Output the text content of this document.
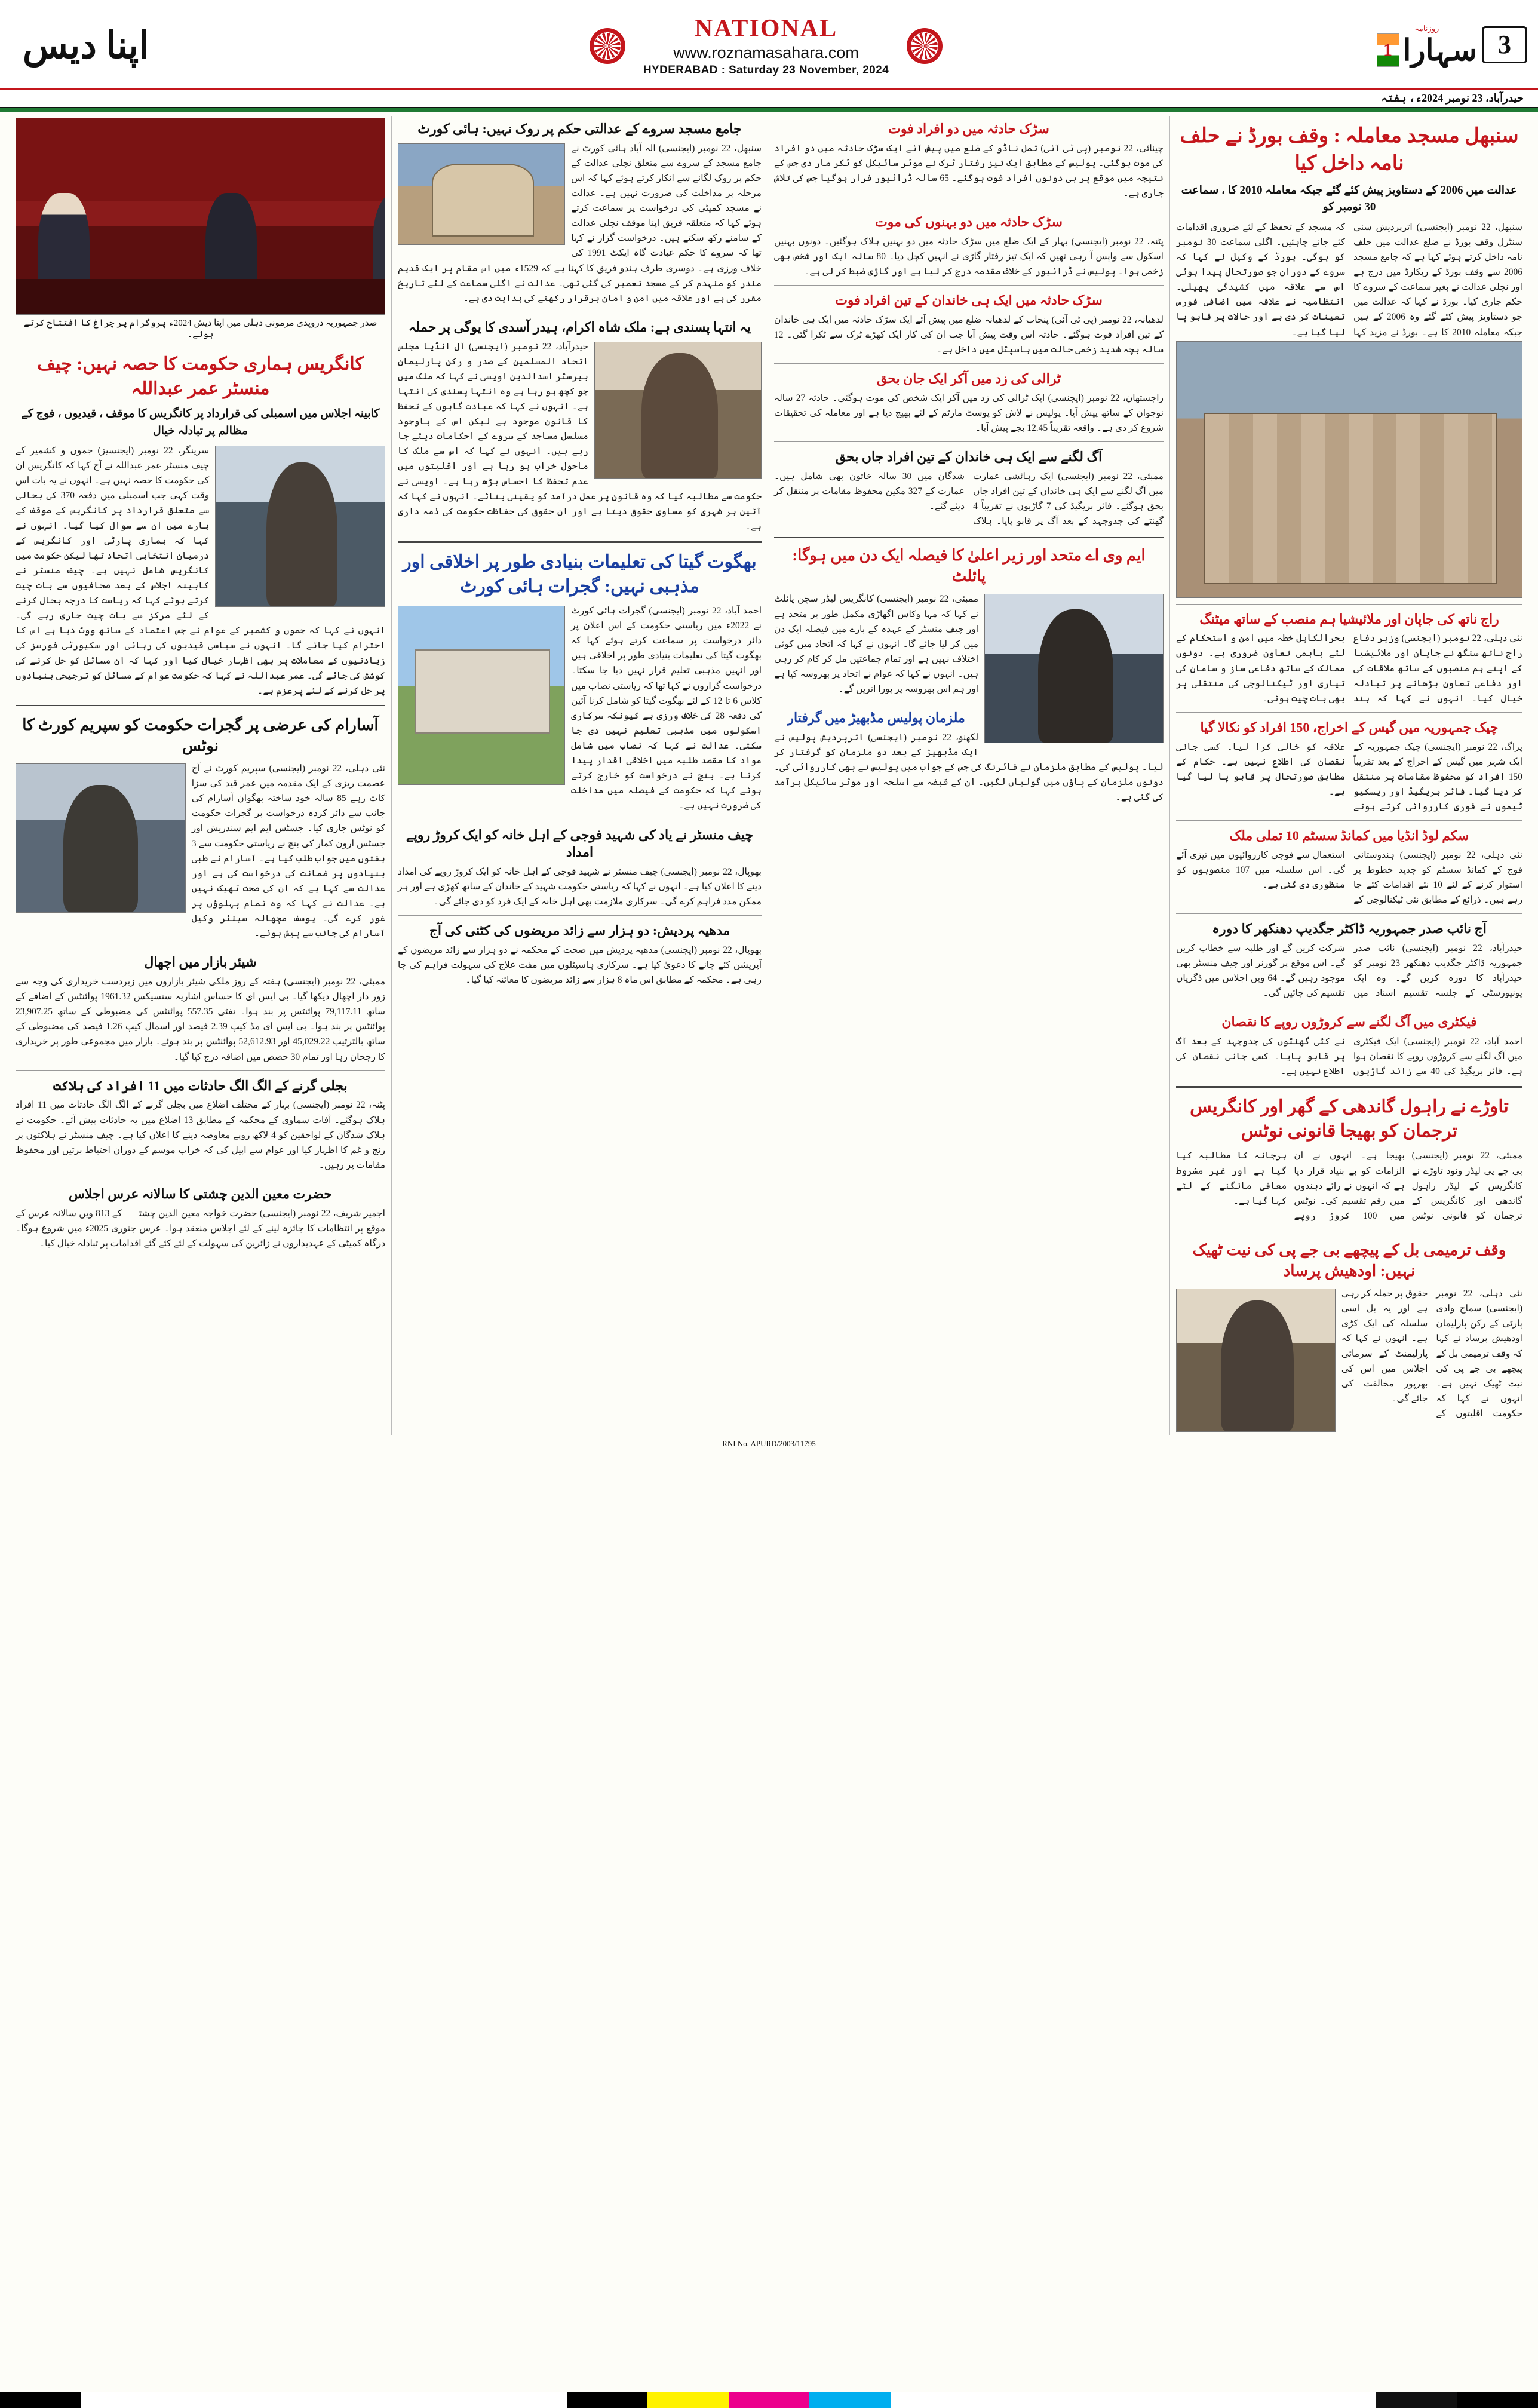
3
روزنامہ
سہارا
1
NATIONAL
www.roznamasahara.com
HYDERABAD : Saturday 23 November, 2024
اپنا دیس
حیدرآباد، 23 نومبر 2024ء، ہفتہ
سنبھل مسجد معاملہ : وقف بورڈ نے حلف نامہ داخل کیا
عدالت میں 2006 کے دستاویز پیش کئے گئے جبکہ معاملہ 2010 کا ، سماعت 30 نومبر کو
سنبھل، 22 نومبر (ایجنسی) اترپردیش سنی سنٹرل وقف بورڈ نے ضلع عدالت میں حلف نامہ داخل کرتے ہوئے کہا ہے کہ جامع مسجد 2006 سے وقف بورڈ کے ریکارڈ میں درج ہے اور نچلی عدالت نے بغیر سماعت کے سروے کا حکم جاری کیا۔ بورڈ نے کہا کہ عدالت میں جو دستاویز پیش کئے گئے وہ 2006 کے ہیں جبکہ معاملہ 2010 کا ہے۔ بورڈ نے مزید کہا کہ مسجد کے تحفظ کے لئے ضروری اقدامات کئے جانے چاہئیں۔ اگلی سماعت 30 نومبر کو ہوگی۔ بورڈ کے وکیل نے کہا کہ سروے کے دوران جو صورتحال پیدا ہوئی اس سے علاقہ میں کشیدگی پھیلی۔ انتظامیہ نے علاقہ میں اضافی فورس تعینات کر دی ہے اور حالات پر قابو پا لیا گیا ہے۔
راج ناتھ کی جاپان اور ملائیشیا ہم منصب کے ساتھ میٹنگ
نئی دہلی، 22 نومبر (ایجنسی) وزیر دفاع راج ناتھ سنگھ نے جاپان اور ملائیشیا کے اپنے ہم منصبوں کے ساتھ ملاقات کی اور دفاعی تعاون بڑھانے پر تبادلہ خیال کیا۔ انہوں نے کہا کہ ہند بحرالکاہل خطہ میں امن و استحکام کے لئے باہمی تعاون ضروری ہے۔ دونوں ممالک کے ساتھ دفاعی ساز و سامان کی تیاری اور ٹیکنالوجی کی منتقلی پر بھی بات چیت ہوئی۔
چیک جمہوریہ میں گیس کے اخراج، 150 افراد کو نکالا گیا
پراگ، 22 نومبر (ایجنسی) چیک جمہوریہ کے ایک شہر میں گیس کے اخراج کے بعد تقریباً 150 افراد کو محفوظ مقامات پر منتقل کر دیا گیا۔ فائر بریگیڈ اور ریسکیو ٹیموں نے فوری کارروائی کرتے ہوئے علاقہ کو خالی کرا لیا۔ کسی جانی نقصان کی اطلاع نہیں ہے۔ حکام کے مطابق صورتحال پر قابو پا لیا گیا ہے۔
سکم لوڈ انڈیا میں کمانڈ سسٹم 10 تملی ملک
نئی دہلی، 22 نومبر (ایجنسی) ہندوستانی فوج کے کمانڈ سسٹم کو جدید خطوط پر استوار کرنے کے لئے 10 نئے اقدامات کئے جا رہے ہیں۔ ذرائع کے مطابق نئی ٹیکنالوجی کے استعمال سے فوجی کارروائیوں میں تیزی آئے گی۔ اس سلسلہ میں 107 منصوبوں کو منظوری دی گئی ہے۔
آج نائب صدر جمہوریہ ڈاکٹر جگدیپ دھنکھر کا دورہ
حیدرآباد، 22 نومبر (ایجنسی) نائب صدر جمہوریہ ڈاکٹر جگدیپ دھنکھر 23 نومبر کو حیدرآباد کا دورہ کریں گے۔ وہ ایک یونیورسٹی کے جلسہ تقسیم اسناد میں شرکت کریں گے اور طلبہ سے خطاب کریں گے۔ اس موقع پر گورنر اور چیف منسٹر بھی موجود رہیں گے۔ 64 ویں اجلاس میں ڈگریاں تقسیم کی جائیں گی۔
فیکٹری میں آگ لگنے سے کروڑوں روپے کا نقصان
احمد آباد، 22 نومبر (ایجنسی) ایک فیکٹری میں آگ لگنے سے کروڑوں روپے کا نقصان ہوا ہے۔ فائر بریگیڈ کی 40 سے زائد گاڑیوں نے کئی گھنٹوں کی جدوجہد کے بعد آگ پر قابو پایا۔ کسی جانی نقصان کی اطلاع نہیں ہے۔
تاوڑے نے راہول گاندھی کے گھر اور کانگریس ترجمان کو بھیجا قانونی نوٹس
ممبئی، 22 نومبر (ایجنسی) بی جے پی لیڈر ونود تاوڑے نے کانگریس کے لیڈر راہول گاندھی اور کانگریس کے ترجمان کو قانونی نوٹس بھیجا ہے۔ انہوں نے ان الزامات کو بے بنیاد قرار دیا ہے کہ انہوں نے رائے دہندوں میں رقم تقسیم کی۔ نوٹس میں 100 کروڑ روپے ہرجانہ کا مطالبہ کیا گیا ہے اور غیر مشروط معافی مانگنے کے لئے کہا گیا ہے۔
وقف ترمیمی بل کے پیچھے بی جے پی کی نیت ٹھیک نہیں: اودھیش پرساد
نئی دہلی، 22 نومبر (ایجنسی) سماج وادی پارٹی کے رکن پارلیمان اودھیش پرساد نے کہا کہ وقف ترمیمی بل کے پیچھے بی جے پی کی نیت ٹھیک نہیں ہے۔ انہوں نے کہا کہ حکومت اقلیتوں کے حقوق پر حملہ کر رہی ہے اور یہ بل اسی سلسلہ کی ایک کڑی ہے۔ انہوں نے کہا کہ پارلیمنٹ کے سرمائی اجلاس میں اس کی بھرپور مخالفت کی جائے گی۔
سڑک حادثہ میں دو افراد فوت
چینائی، 22 نومبر (پی ٹی آئی) تمل ناڈو کے ضلع میں پیش آئے ایک سڑک حادثہ میں دو افراد کی موت ہوگئی۔ پولیس کے مطابق ایک تیز رفتار ٹرک نے موٹر سائیکل کو ٹکر مار دی جس کے نتیجہ میں موقع پر ہی دونوں افراد فوت ہوگئے۔ 65 سالہ ڈرائیور فرار ہوگیا جس کی تلاش جاری ہے۔
سڑک حادثہ میں دو بہنوں کی موت
پٹنہ، 22 نومبر (ایجنسی) بہار کے ایک ضلع میں سڑک حادثہ میں دو بہنیں ہلاک ہوگئیں۔ دونوں بہنیں اسکول سے واپس آ رہی تھیں کہ ایک تیز رفتار گاڑی نے انہیں کچل دیا۔ 80 سالہ ایک اور شخص بھی زخمی ہوا۔ پولیس نے ڈرائیور کے خلاف مقدمہ درج کر لیا ہے اور گاڑی ضبط کر لی ہے۔
سڑک حادثہ میں ایک ہی خاندان کے تین افراد فوت
لدھیانہ، 22 نومبر (پی ٹی آئی) پنجاب کے لدھیانہ ضلع میں پیش آئے ایک سڑک حادثہ میں ایک ہی خاندان کے تین افراد فوت ہوگئے۔ حادثہ اس وقت پیش آیا جب ان کی کار ایک کھڑے ٹرک سے ٹکرا گئی۔ 12 سالہ بچہ شدید زخمی حالت میں ہاسپٹل میں داخل ہے۔
ٹرالی کی زد میں آکر ایک جان بحق
راجستھان، 22 نومبر (ایجنسی) ایک ٹرالی کی زد میں آکر ایک شخص کی موت ہوگئی۔ حادثہ 27 سالہ نوجوان کے ساتھ پیش آیا۔ پولیس نے لاش کو پوسٹ مارٹم کے لئے بھیج دیا ہے اور معاملہ کی تحقیقات شروع کر دی ہے۔ واقعہ تقریباً 12.45 بجے پیش آیا۔
آگ لگنے سے ایک ہی خاندان کے تین افراد جاں بحق
ممبئی، 22 نومبر (ایجنسی) ایک رہائشی عمارت میں آگ لگنے سے ایک ہی خاندان کے تین افراد جاں بحق ہوگئے۔ فائر بریگیڈ کی 7 گاڑیوں نے تقریباً 4 گھنٹے کی جدوجہد کے بعد آگ پر قابو پایا۔ ہلاک شدگان میں 30 سالہ خاتون بھی شامل ہیں۔ عمارت کے 327 مکین محفوظ مقامات پر منتقل کر دیئے گئے۔
ایم وی اے متحد اور زیر اعلیٰ کا فیصلہ ایک دن میں ہوگا: پائلٹ
ممبئی، 22 نومبر (ایجنسی) کانگریس لیڈر سچن پائلٹ نے کہا کہ مہا وکاس اگھاڑی مکمل طور پر متحد ہے اور چیف منسٹر کے عہدہ کے بارے میں فیصلہ ایک دن میں کر لیا جائے گا۔ انہوں نے کہا کہ اتحاد میں کوئی اختلاف نہیں ہے اور تمام جماعتیں مل کر کام کر رہی ہیں۔ انہوں نے کہا کہ عوام نے اتحاد پر بھروسہ کیا ہے اور ہم اس بھروسہ پر پورا اتریں گے۔
ملزمان پولیس مڈبھیڑ میں گرفتار
لکھنؤ، 22 نومبر (ایجنسی) اترپردیش پولیس نے ایک مڈبھیڑ کے بعد دو ملزمان کو گرفتار کر لیا۔ پولیس کے مطابق ملزمان نے فائرنگ کی جس کے جواب میں پولیس نے بھی کارروائی کی۔ دونوں ملزمان کے پاؤں میں گولیاں لگیں۔ ان کے قبضہ سے اسلحہ اور موٹر سائیکل برآمد کی گئی ہے۔
جامع مسجد سروے کے عدالتی حکم پر روک نہیں: ہائی کورٹ
سنبھل، 22 نومبر (ایجنسی) الہ آباد ہائی کورٹ نے جامع مسجد کے سروے سے متعلق نچلی عدالت کے حکم پر روک لگانے سے انکار کرتے ہوئے کہا کہ اس مرحلہ پر مداخلت کی ضرورت نہیں ہے۔ عدالت نے مسجد کمیٹی کی درخواست پر سماعت کرتے ہوئے کہا کہ متعلقہ فریق اپنا موقف نچلی عدالت کے سامنے رکھ سکتے ہیں۔ درخواست گزار نے کہا تھا کہ سروے کا حکم عبادت گاہ ایکٹ 1991 کی خلاف ورزی ہے۔ دوسری طرف ہندو فریق کا کہنا ہے کہ 1529ء میں اس مقام پر ایک قدیم مندر کو منہدم کر کے مسجد تعمیر کی گئی تھی۔ عدالت نے اگلی سماعت کے لئے تاریخ مقرر کی ہے اور علاقہ میں امن و امان برقرار رکھنے کی ہدایت دی ہے۔
یہ انتہا پسندی ہے: ملک شاہ اکرام، ہیدر آسدی کا یوگی پر حملہ
حیدرآباد، 22 نومبر (ایجنسی) آل انڈیا مجلس اتحاد المسلمین کے صدر و رکن پارلیمان بیرسٹر اسدالدین اویسی نے کہا کہ ملک میں جو کچھ ہو رہا ہے وہ انتہا پسندی کی انتہا ہے۔ انہوں نے کہا کہ عبادت گاہوں کے تحفظ کا قانون موجود ہے لیکن اس کے باوجود مسلسل مساجد کے سروے کے احکامات دیئے جا رہے ہیں۔ انہوں نے کہا کہ اس سے ملک کا ماحول خراب ہو رہا ہے اور اقلیتوں میں عدم تحفظ کا احساس بڑھ رہا ہے۔ اویسی نے حکومت سے مطالبہ کیا کہ وہ قانون پر عمل درآمد کو یقینی بنائے۔ انہوں نے کہا کہ آئین ہر شہری کو مساوی حقوق دیتا ہے اور ان حقوق کی حفاظت حکومت کی ذمہ داری ہے۔
بھگوت گیتا کی تعلیمات بنیادی طور پر اخلاقی اور مذہبی نہیں: گجرات ہائی کورٹ
احمد آباد، 22 نومبر (ایجنسی) گجرات ہائی کورٹ نے 2022ء میں ریاستی حکومت کے اس اعلان پر دائر درخواست پر سماعت کرتے ہوئے کہا کہ بھگوت گیتا کی تعلیمات بنیادی طور پر اخلاقی ہیں اور انہیں مذہبی تعلیم قرار نہیں دیا جا سکتا۔ درخواست گزاروں نے کہا تھا کہ ریاستی نصاب میں کلاس 6 تا 12 کے لئے بھگوت گیتا کو شامل کرنا آئین کی دفعہ 28 کی خلاف ورزی ہے کیونکہ سرکاری اسکولوں میں مذہبی تعلیم نہیں دی جا سکتی۔ عدالت نے کہا کہ نصاب میں شامل مواد کا مقصد طلبہ میں اخلاقی اقدار پیدا کرنا ہے۔ بنچ نے درخواست کو خارج کرتے ہوئے کہا کہ حکومت کے فیصلہ میں مداخلت کی ضرورت نہیں ہے۔
چیف منسٹر نے یاد کی شہید فوجی کے اہل خانہ کو ایک کروڑ روپے امداد
بھوپال، 22 نومبر (ایجنسی) چیف منسٹر نے شہید فوجی کے اہل خانہ کو ایک کروڑ روپے کی امداد دینے کا اعلان کیا ہے۔ انہوں نے کہا کہ ریاستی حکومت شہید کے خاندان کے ساتھ کھڑی ہے اور ہر ممکن مدد فراہم کرے گی۔ سرکاری ملازمت بھی اہل خانہ کے ایک فرد کو دی جائے گی۔
مدھیہ پردیش: دو ہزار سے زائد مریضوں کی کٹنی کی آج
بھوپال، 22 نومبر (ایجنسی) مدھیہ پردیش میں صحت کے محکمہ نے دو ہزار سے زائد مریضوں کے آپریشن کئے جانے کا دعویٰ کیا ہے۔ سرکاری ہاسپٹلوں میں مفت علاج کی سہولت فراہم کی جا رہی ہے۔ محکمہ کے مطابق اس ماہ 8 ہزار سے زائد مریضوں کا معائنہ کیا گیا۔
صدر جمہوریہ دروپدی مرمونی دہلی میں اپنا دیش 2024ء پروگرام پر چراغ کا افتتاح کرتے ہوئے۔
کانگریس ہماری حکومت کا حصہ نہیں: چیف منسٹر عمر عبداللہ
کابینہ اجلاس میں اسمبلی کی قرارداد پر کانگریس کا موقف ، قیدیوں ، فوج کے مظالم پر تبادلہ خیال
سرینگر، 22 نومبر (ایجنسیز) جموں و کشمیر کے چیف منسٹر عمر عبداللہ نے آج کہا کہ کانگریس ان کی حکومت کا حصہ نہیں ہے۔ انہوں نے یہ بات اس وقت کہی جب اسمبلی میں دفعہ 370 کی بحالی سے متعلق قرارداد پر کانگریس کے موقف کے بارے میں ان سے سوال کیا گیا۔ انہوں نے کہا کہ ہماری پارٹی اور کانگریس کے درمیان انتخابی اتحاد تھا لیکن حکومت میں کانگریس شامل نہیں ہے۔ چیف منسٹر نے کابینہ اجلاس کے بعد صحافیوں سے بات چیت کرتے ہوئے کہا کہ ریاست کا درجہ بحال کرنے کے لئے مرکز سے بات چیت جاری رہے گی۔ انہوں نے کہا کہ جموں و کشمیر کے عوام نے جس اعتماد کے ساتھ ووٹ دیا ہے اس کا احترام کیا جائے گا۔ انہوں نے سیاسی قیدیوں کی رہائی اور سکیورٹی فورسز کی زیادتیوں کے معاملات پر بھی اظہار خیال کیا اور کہا کہ ان مسائل کو حل کرنے کی کوشش کی جائے گی۔ عمر عبداللہ نے کہا کہ حکومت عوام کے مسائل کو ترجیحی بنیادوں پر حل کرنے کے لئے پرعزم ہے۔
آسارام کی عرضی پر گجرات حکومت کو سپریم کورٹ کا نوٹس
نئی دہلی، 22 نومبر (ایجنسی) سپریم کورٹ نے آج عصمت ریزی کے ایک مقدمہ میں عمر قید کی سزا کاٹ رہے 85 سالہ خود ساختہ بھگوان آسارام کی جانب سے دائر کردہ درخواست پر گجرات حکومت کو نوٹس جاری کیا۔ جسٹس ایم ایم سندریش اور جسٹس ارون کمار کی بنچ نے ریاستی حکومت سے 3 ہفتوں میں جواب طلب کیا ہے۔ آسارام نے طبی بنیادوں پر ضمانت کی درخواست کی ہے اور عدالت سے کہا ہے کہ ان کی صحت ٹھیک نہیں ہے۔ عدالت نے کہا کہ وہ تمام پہلوؤں پر غور کرے گی۔ یوسف مچھالہ سینئر وکیل آسارام کی جانب سے پیش ہوئے۔
شیئر بازار میں اچھال
ممبئی، 22 نومبر (ایجنسی) ہفتہ کے روز ملکی شیئر بازاروں میں زبردست خریداری کی وجہ سے زور دار اچھال دیکھا گیا۔ بی ایس ای کا حساس اشاریہ سنسیکس 1961.32 پوائنٹس کے اضافے کے ساتھ 79,117.11 پوائنٹس پر بند ہوا۔ نفٹی 557.35 پوائنٹس کی مضبوطی کے ساتھ 23,907.25 پوائنٹس پر بند ہوا۔ بی ایس ای مڈ کیپ 2.39 فیصد اور اسمال کیپ 1.26 فیصد کی مضبوطی کے ساتھ بالترتیب 45,029.22 اور 52,612.93 پوائنٹس پر بند ہوئے۔ بازار میں مجموعی طور پر خریداری کا رجحان رہا اور تمام 30 حصص میں اضافہ درج کیا گیا۔
بجلی گرنے کے الگ الگ حادثات میں 11 افراد کی ہلاکت
پٹنہ، 22 نومبر (ایجنسی) بہار کے مختلف اضلاع میں بجلی گرنے کے الگ الگ حادثات میں 11 افراد ہلاک ہوگئے۔ آفات سماوی کے محکمہ کے مطابق 13 اضلاع میں یہ حادثات پیش آئے۔ حکومت نے ہلاک شدگان کے لواحقین کو 4 لاکھ روپے معاوضہ دینے کا اعلان کیا ہے۔ چیف منسٹر نے ہلاکتوں پر رنج و غم کا اظہار کیا اور عوام سے اپیل کی کہ خراب موسم کے دوران احتیاط برتیں اور محفوظ مقامات پر رہیں۔
حضرت معین الدین چشتی کا سالانہ عرس اجلاس
اجمیر شریف، 22 نومبر (ایجنسی) حضرت خواجہ معین الدین چشتیؒ کے 813 ویں سالانہ عرس کے موقع پر انتظامات کا جائزہ لینے کے لئے اجلاس منعقد ہوا۔ عرس جنوری 2025ء میں شروع ہوگا۔ درگاہ کمیٹی کے عہدیداروں نے زائرین کی سہولت کے لئے کئے گئے اقدامات پر تبادلہ خیال کیا۔
RNI No. APURD/2003/11795
